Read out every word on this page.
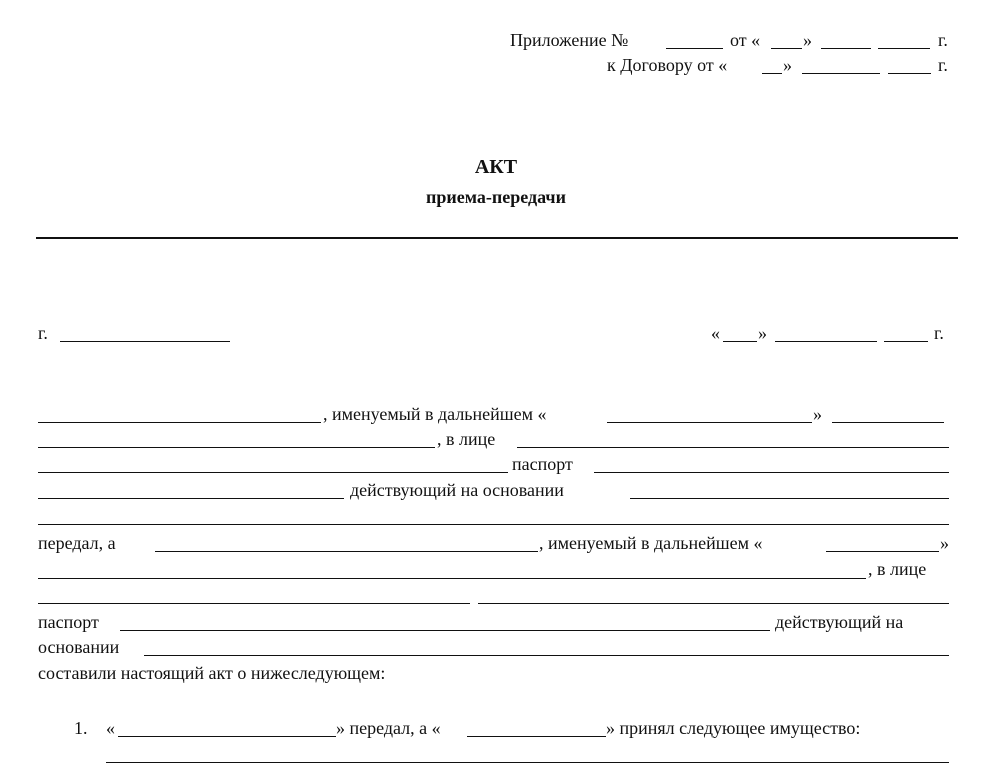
Приложение №	от « »	г.
к Договору от «	»	г.
АКТ
приема-передачи
г.	« »	г.
, именуемый в дальнейшем «	»
, в лице
паспорт
действующий на основании
передал, а	, именуемый в дальнейшем «	»
, в лице
паспорт	действующий на
основании
составили настоящий акт о нижеследующем:
1. «	» передал, а «	» принял следующее имущество:
